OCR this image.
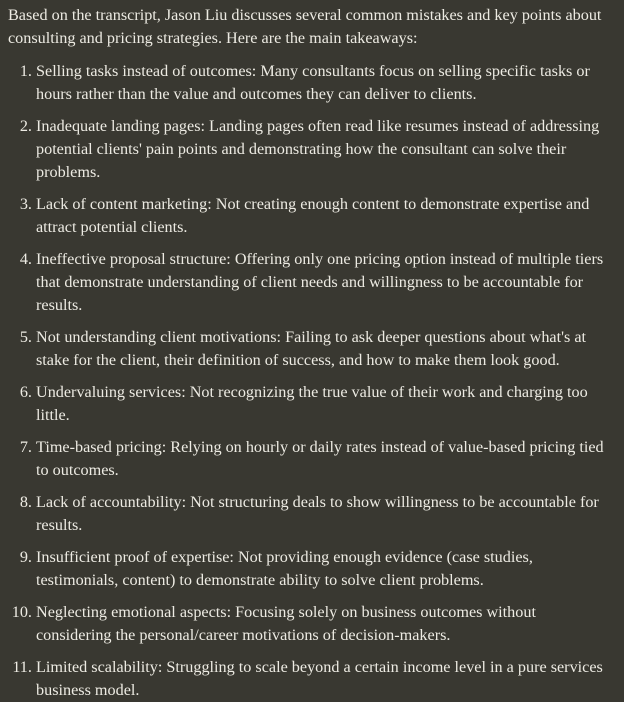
Based on the transcript, Jason Liu discusses several common mistakes and key points about consulting and pricing strategies. Here are the main takeaways:

1. Selling tasks instead of outcomes: Many consultants focus on selling specific tasks or hours rather than the value and outcomes they can deliver to clients.
2. Inadequate landing pages: Landing pages often read like resumes instead of addressing potential clients' pain points and demonstrating how the consultant can solve their problems.
3. Lack of content marketing: Not creating enough content to demonstrate expertise and attract potential clients.
4. Ineffective proposal structure: Offering only one pricing option instead of multiple tiers that demonstrate understanding of client needs and willingness to be accountable for results.
5. Not understanding client motivations: Failing to ask deeper questions about what's at stake for the client, their definition of success, and how to make them look good.
6. Undervaluing services: Not recognizing the true value of their work and charging too little.
7. Time-based pricing: Relying on hourly or daily rates instead of value-based pricing tied to outcomes.
8. Lack of accountability: Not structuring deals to show willingness to be accountable for results.
9. Insufficient proof of expertise: Not providing enough evidence (case studies, testimonials, content) to demonstrate ability to solve client problems.
10. Neglecting emotional aspects: Focusing solely on business outcomes without considering the personal/career motivations of decision-makers.
11. Limited scalability: Struggling to scale beyond a certain income level in a pure services business model.
